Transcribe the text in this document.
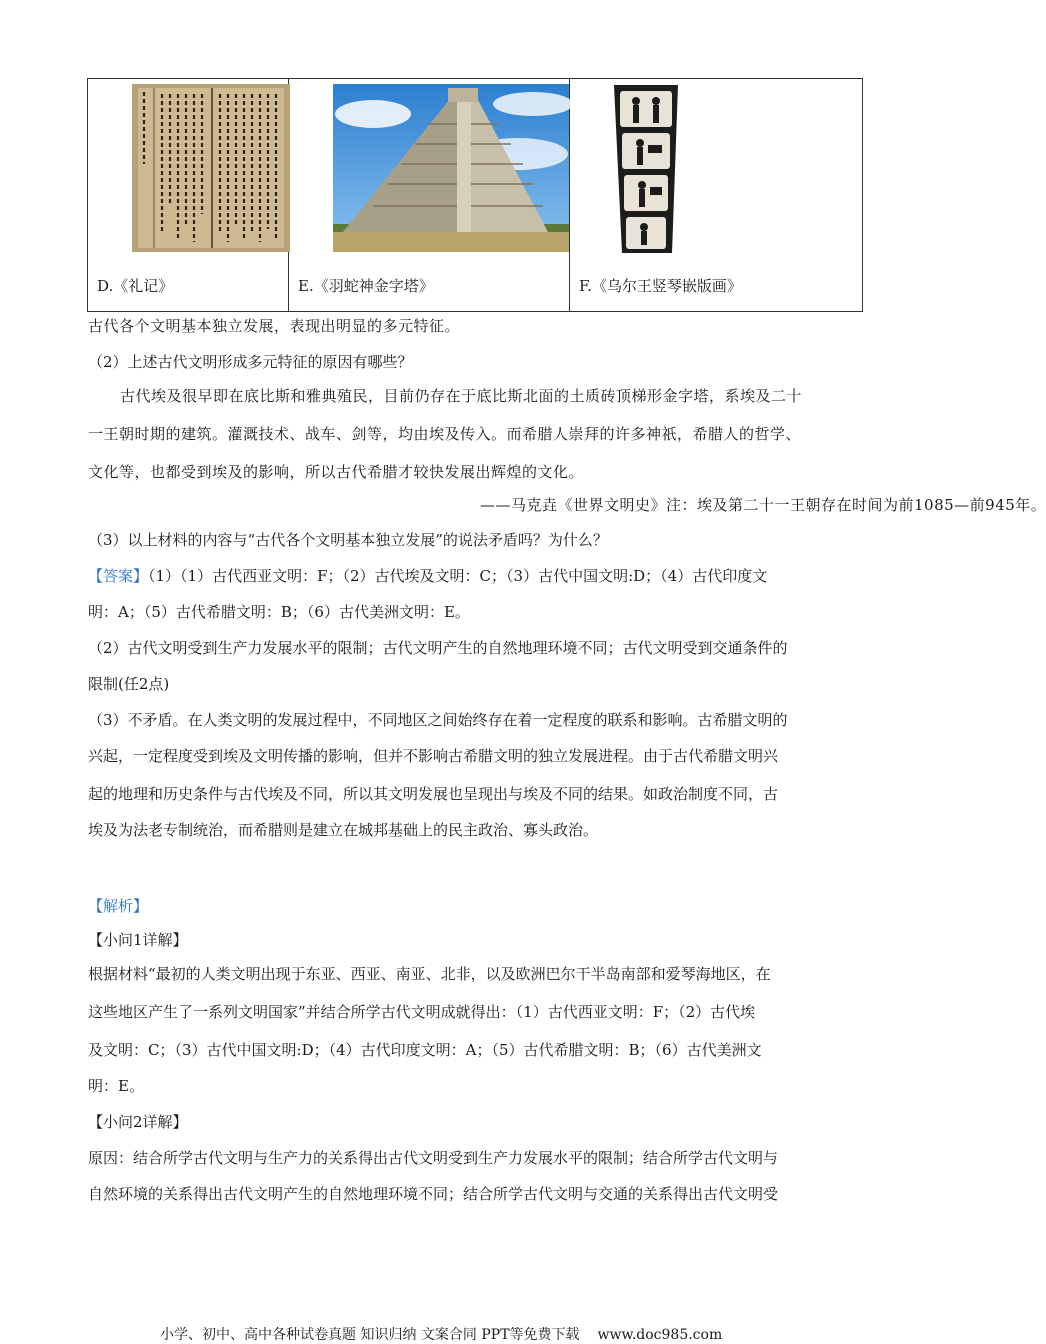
D.《礼记》	E.《羽蛇神金字塔》	F.《乌尔王竖琴嵌版画》
古代各个文明基本独立发展，表现出明显的多元特征。
（2）上述古代文明形成多元特征的原因有哪些？
古代埃及很早即在底比斯和雅典殖民，目前仍存在于底比斯北面的土质砖顶梯形金字塔，系埃及二十
一王朝时期的建筑。灌溉技术、战车、剑等，均由埃及传入。而希腊人崇拜的许多神祇，希腊人的哲学、
文化等，也都受到埃及的影响，所以古代希腊才较快发展出辉煌的文化。
——马克垚《世界文明史》注：埃及第二十一王朝存在时间为前1085—前945年。
（3）以上材料的内容与“古代各个文明基本独立发展”的说法矛盾吗？为什么？
【答案】（1）（1）古代西亚文明：F；（2）古代埃及文明：C；（3）古代中国文明:D；（4）古代印度文
明：A；（5）古代希腊文明：B；（6）古代美洲文明：E。
（2）古代文明受到生产力发展水平的限制；古代文明产生的自然地理环境不同；古代文明受到交通条件的
限制(任2点)
（3）不矛盾。在人类文明的发展过程中，不同地区之间始终存在着一定程度的联系和影响。古希腊文明的
兴起，一定程度受到埃及文明传播的影响，但并不影响古希腊文明的独立发展进程。由于古代希腊文明兴
起的地理和历史条件与古代埃及不同，所以其文明发展也呈现出与埃及不同的结果。如政治制度不同，古
埃及为法老专制统治，而希腊则是建立在城邦基础上的民主政治、寡头政治。
【解析】
【小问1详解】
根据材料“最初的人类文明出现于东亚、西亚、南亚、北非，以及欧洲巴尔干半岛南部和爱琴海地区，在
这些地区产生了一系列文明国家”并结合所学古代文明成就得出：（1）古代西亚文明：F；（2）古代埃
及文明：C；（3）古代中国文明:D；（4）古代印度文明：A；（5）古代希腊文明：B；（6）古代美洲文
明：E。
【小问2详解】
原因：结合所学古代文明与生产力的关系得出古代文明受到生产力发展水平的限制；结合所学古代文明与
自然环境的关系得出古代文明产生的自然地理环境不同；结合所学古代文明与交通的关系得出古代文明受
小学、初中、高中各种试卷真题 知识归纳 文案合同 PPT等免费下载 www.doc985.com
